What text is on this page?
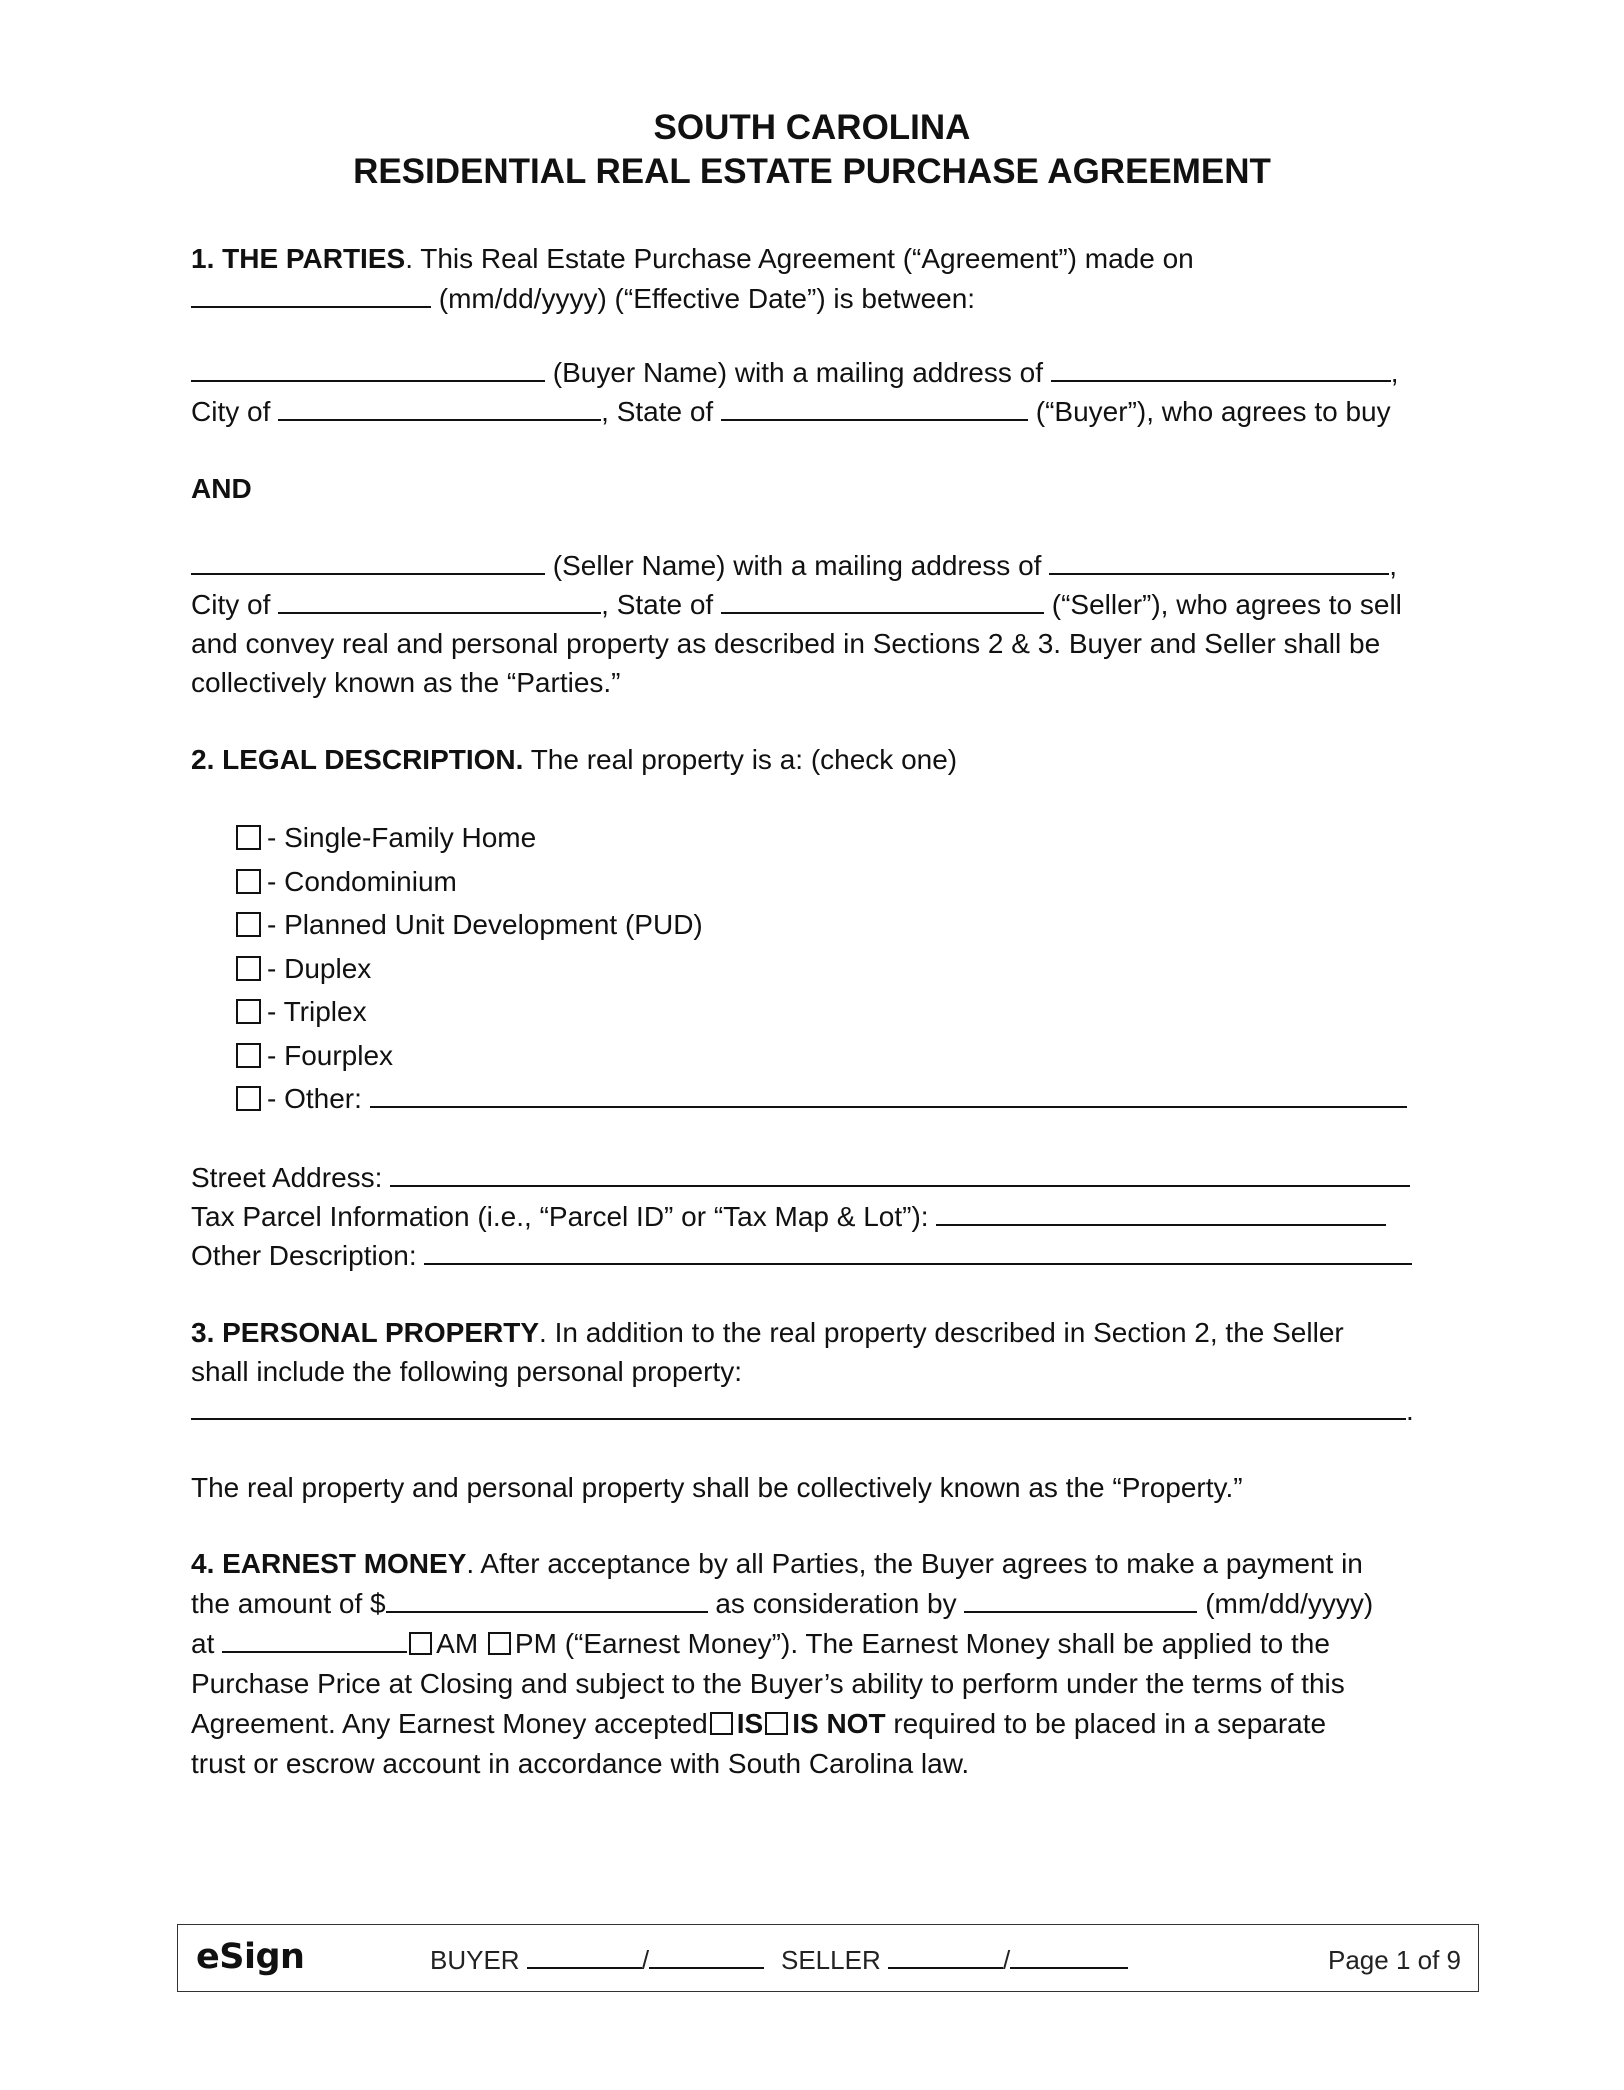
SOUTH CAROLINA
RESIDENTIAL REAL ESTATE PURCHASE AGREEMENT
1. THE PARTIES. This Real Estate Purchase Agreement (“Agreement”) made on
(mm/dd/yyyy) (“Effective Date”) is between:
(Buyer Name) with a mailing address of	,
City of	, State of	(“Buyer”), who agrees to buy
AND
(Seller Name) with a mailing address of	,
City of	, State of	(“Seller”), who agrees to sell
and convey real and personal property as described in Sections 2 & 3. Buyer and Seller shall be
collectively known as the “Parties.”
2. LEGAL DESCRIPTION. The real property is a: (check one)
- Single-Family Home
- Condominium
- Planned Unit Development (PUD)
- Duplex
- Triplex
- Fourplex
- Other:
Street Address:
Tax Parcel Information (i.e., “Parcel ID” or “Tax Map & Lot”):
Other Description:
3. PERSONAL PROPERTY. In addition to the real property described in Section 2, the Seller
shall include the following personal property:
.
The real property and personal property shall be collectively known as the “Property.”
4. EARNEST MONEY. After acceptance by all Parties, the Buyer agrees to make a payment in
the amount of $	as consideration by	(mm/dd/yyyy)
at	AM PM (“Earnest Money”). The Earnest Money shall be applied to the
Purchase Price at Closing and subject to the Buyer’s ability to perform under the terms of this
Agreement. Any Earnest Money accepted IS IS NOT required to be placed in a separate
trust or escrow account in accordance with South Carolina law.
eSign	BUYER	/	SELLER	/	Page 1 of 9
